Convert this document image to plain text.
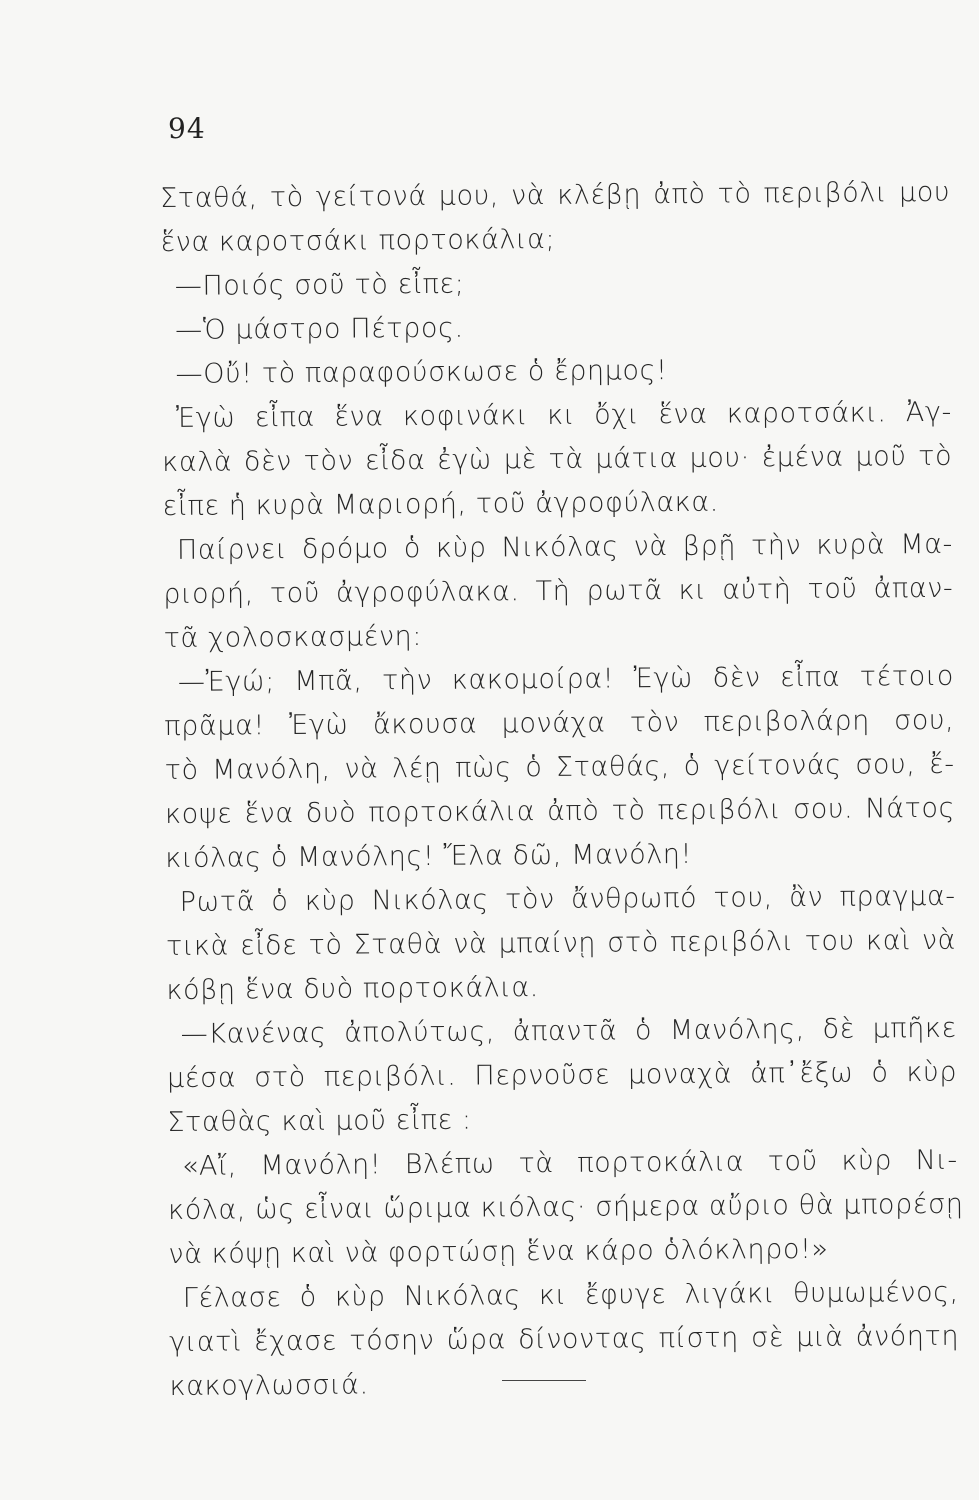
94
Σταθά, τὸ γείτονά μου, νὰ κλέβῃ ἀπὸ τὸ περιβόλι μου
ἕνα καροτσάκι πορτοκάλια;
—Ποιός σοῦ τὸ εἶπε;
—Ὁ μάστρο Πέτρος.
—Οὔ! τὸ παραφούσκωσε ὁ ἔρημος!
Ἐγὼ εἶπα ἕνα κοφινάκι κι ὄχι ἕνα καροτσάκι. Ἀγ-
καλὰ δὲν τὸν εἶδα ἐγὼ μὲ τὰ μάτια μου· ἐμένα μοῦ τὸ
εἶπε ἡ κυρὰ Μαριορή, τοῦ ἀγροφύλακα.
Παίρνει δρόμο ὁ κὺρ Νικόλας νὰ βρῇ τὴν κυρὰ Μα-
ριορή, τοῦ ἀγροφύλακα. Τὴ ρωτᾶ κι αὐτὴ τοῦ ἀπαν-
τᾶ χολοσκασμένη:
—Ἐγώ; Μπᾶ, τὴν κακομοίρα! Ἐγὼ δὲν εἶπα τέτοιο
πρᾶμα! Ἐγὼ ἄκουσα μονάχα τὸν περιβολάρη σου,
τὸ Μανόλη, νὰ λέῃ πὼς ὁ Σταθάς, ὁ γείτονάς σου, ἔ-
κοψε ἕνα δυὸ πορτοκάλια ἀπὸ τὸ περιβόλι σου. Νάτος
κιόλας ὁ Μανόλης! Ἔλα δῶ, Μανόλη!
Ρωτᾶ ὁ κὺρ Νικόλας τὸν ἄνθρωπό του, ἂν πραγμα-
τικὰ εἶδε τὸ Σταθὰ νὰ μπαίνῃ στὸ περιβόλι του καὶ νὰ
κόβῃ ἕνα δυὸ πορτοκάλια.
—Κανένας ἀπολύτως, ἀπαντᾶ ὁ Μανόλης, δὲ μπῆκε
μέσα στὸ περιβόλι. Περνοῦσε μοναχὰ ἀπ᾿ἔξω ὁ κὺρ
Σταθὰς καὶ μοῦ εἶπε :
«Αἴ, Μανόλη! Βλέπω τὰ πορτοκάλια τοῦ κὺρ Νι-
κόλα, ὡς εἶναι ὥριμα κιόλας· σήμερα αὔριο θὰ μπορέσῃ
νὰ κόψῃ καὶ νὰ φορτώσῃ ἕνα κάρο ὁλόκληρο!»
Γέλασε ὁ κὺρ Νικόλας κι ἔφυγε λιγάκι θυμωμένος,
γιατὶ ἔχασε τόσην ὥρα δίνοντας πίστη σὲ μιὰ ἀνόητη
κακογλωσσιά.
